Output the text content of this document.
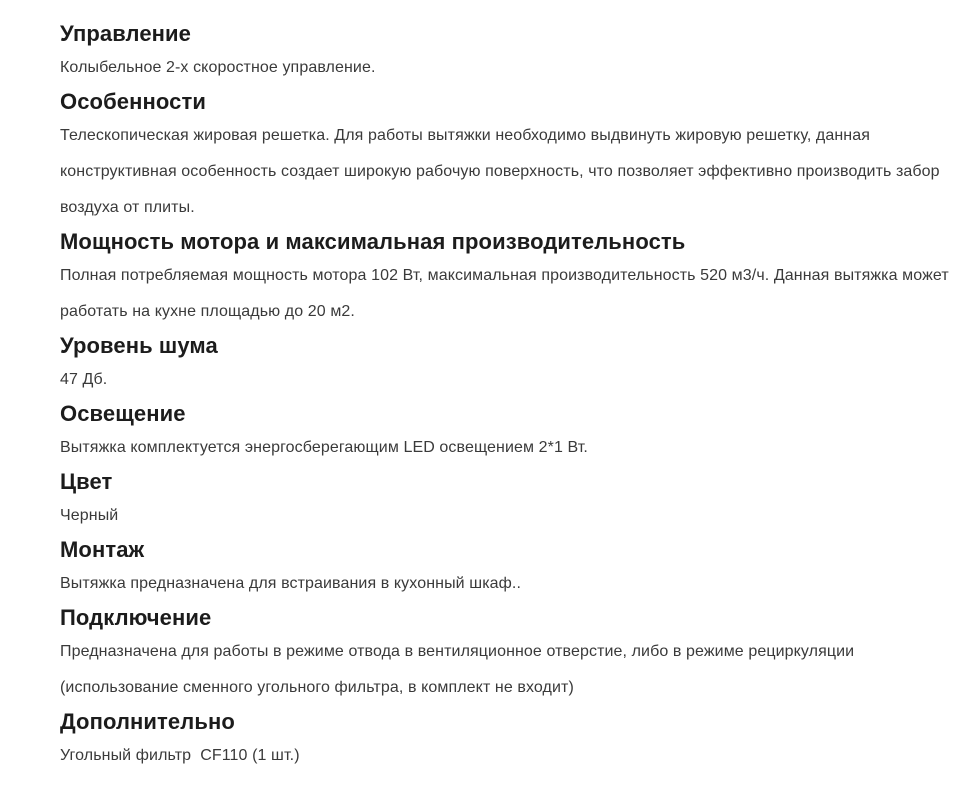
Управление

Колыбельное 2-х скоростное управление.

Особенности

Телескопическая жировая решетка. Для работы вытяжки необходимо выдвинуть жировую решетку, данная конструктивная особенность создает широкую рабочую поверхность, что позволяет эффективно производить забор воздуха от плиты.

Мощность мотора и максимальная производительность

Полная потребляемая мощность мотора 102 Вт, максимальная производительность 520 м3/ч. Данная вытяжка может работать на кухне площадью до 20 м2.

Уровень шума

47 Дб.

Освещение

Вытяжка комплектуется энергосберегающим LED освещением 2*1 Вт.

Цвет

Черный

Монтаж

Вытяжка предназначена для встраивания в кухонный шкаф..

Подключение

Предназначена для работы в режиме отвода в вентиляционное отверстие, либо в режиме рециркуляции (использование сменного угольного фильтра, в комплект не входит)

Дополнительно

Угольный фильтр  CF110 (1 шт.)
